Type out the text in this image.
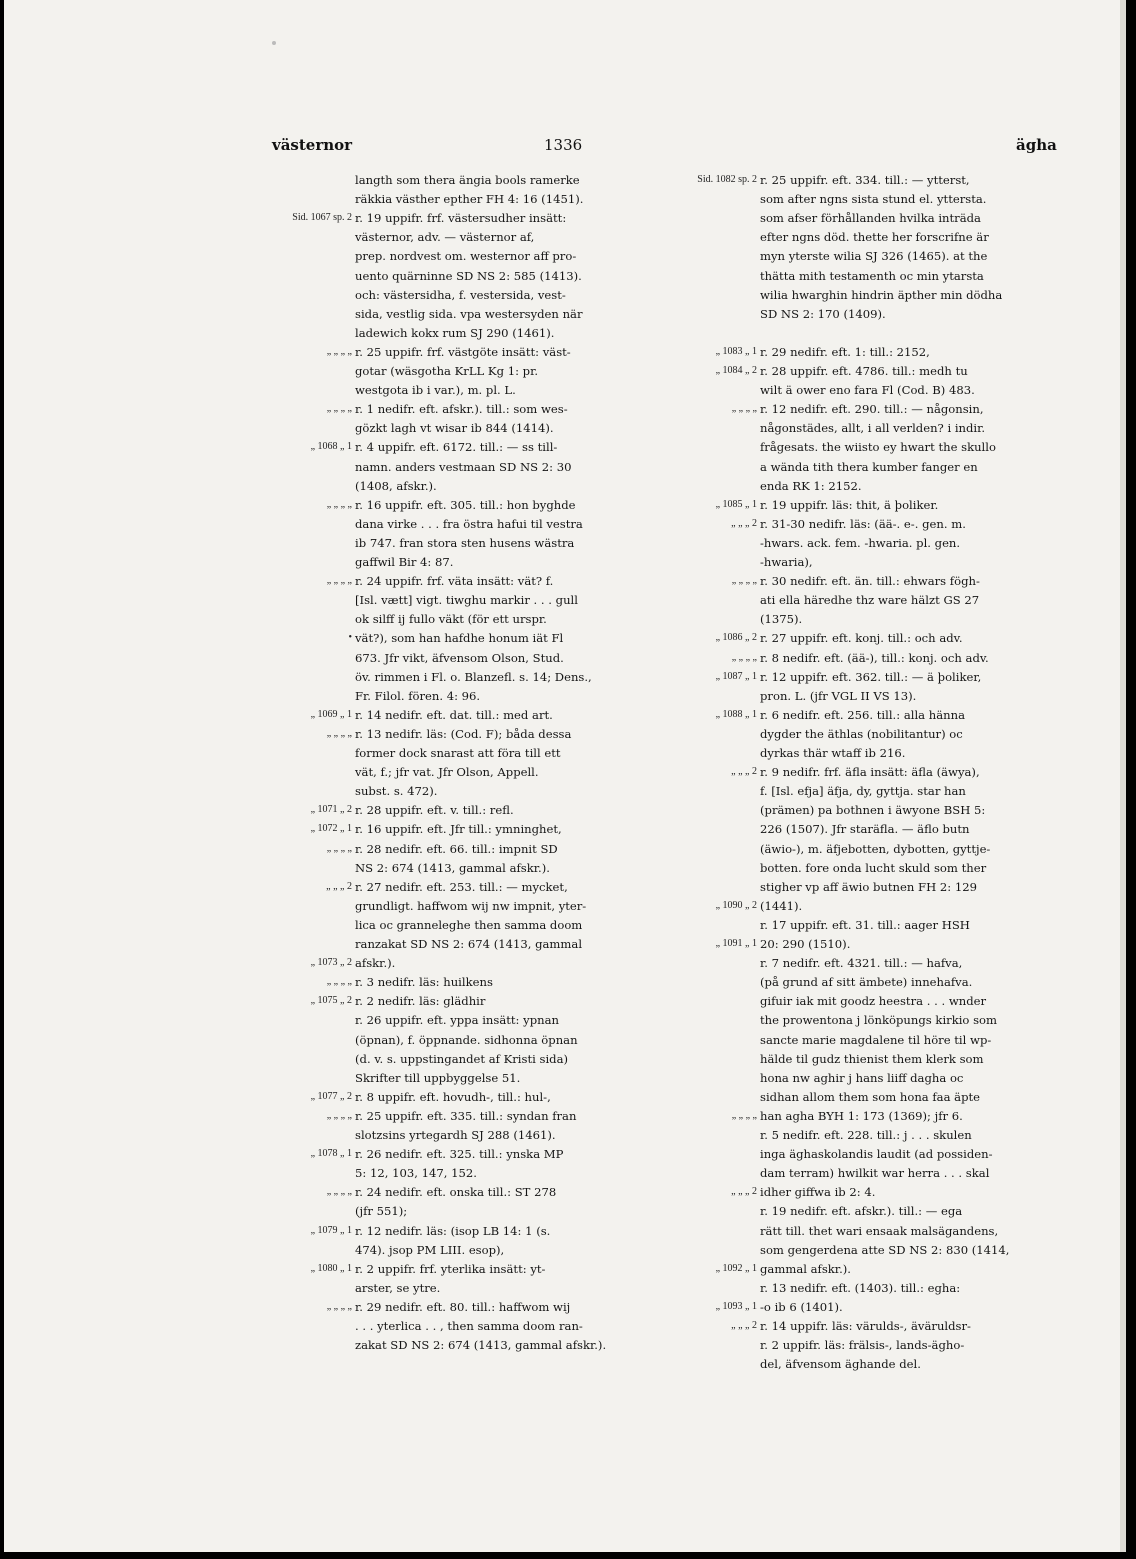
västernor	1336	ägha
langth som thera ängia bools ramerke
räkkia västher epther FH 4: 16 (1451).
r. 19 uppifr. frf. västersudher insätt:
västernor, adv. — västernor af,
prep. nordvest om. westernor aff pro-
uento quärninne SD NS 2: 585 (1413).
och: västersidha, f. vestersida, vest-
sida, vestlig sida. vpa westersyden när
ladewich kokx rum SJ 290 (1461).
r. 25 uppifr. frf. västgöte insätt: väst-
gotar (wäsgotha KrLL Kg 1: pr.
westgota ib i var.), m. pl. L.
r. 1 nedifr. eft. afskr.). till.: som wes-
gözkt lagh vt wisar ib 844 (1414).
r. 4 uppifr. eft. 6172. till.: — ss till-
namn. anders vestmaan SD NS 2: 30
(1408, afskr.).
r. 16 uppifr. eft. 305. till.: hon byghde
dana virke . . . fra östra hafui til vestra
ib 747. fran stora sten husens wästra
gaffwil Bir 4: 87.
r. 24 uppifr. frf. väta insätt: vät? f.
[Isl. vætt] vigt. tiwghu markir . . . gull
ok silff ij fullo väkt (för ett urspr.
vät?), som han hafdhe honum iät Fl
673. Jfr vikt, äfvensom Olson, Stud.
öv. rimmen i Fl. o. Blanzefl. s. 14; Dens.,
Fr. Filol. fören. 4: 96.
r. 14 nedifr. eft. dat. till.: med art.
r. 13 nedifr. läs: (Cod. F); båda dessa
former dock snarast att föra till ett
vät, f.; jfr vat. Jfr Olson, Appell.
subst. s. 472).
r. 28 uppifr. eft. v. till.: refl.
r. 16 uppifr. eft. Jfr till.: ymninghet,
r. 28 nedifr. eft. 66. till.: impnit SD
NS 2: 674 (1413, gammal afskr.).
r. 27 nedifr. eft. 253. till.: — mycket,
grundligt. haffwom wij nw impnit, yter-
lica oc granneleghe then samma doom
ranzakat SD NS 2: 674 (1413, gammal
afskr.).
r. 3 nedifr. läs: huilkens
r. 2 nedifr. läs: glädhir
r. 26 uppifr. eft. yppa insätt: ypnan
(öpnan), f. öppnande. sidhonna öpnan
(d. v. s. uppstingandet af Kristi sida)
Skrifter till uppbyggelse 51.
r. 8 uppifr. eft. hovudh-, till.: hul-,
r. 25 uppifr. eft. 335. till.: syndan fran
slotzsins yrtegardh SJ 288 (1461).
r. 26 nedifr. eft. 325. till.: ynska MP
5: 12, 103, 147, 152.
r. 24 nedifr. eft. onska till.: ST 278
(jfr 551);
r. 12 nedifr. läs: (isop LB 14: 1 (s.
474). jsop PM LIII. esop),
r. 2 uppifr. frf. yterlika insätt: yt-
arster, se ytre.
r. 29 nedifr. eft. 80. till.: haffwom wij
. . . yterlica . . , then samma doom ran-
zakat SD NS 2: 674 (1413, gammal afskr.).
Sid. 1067 sp. 2
„ „ „ „
„ „ „ „
„ 1068 „ 1
„ „ „ „
„ „ „ „
•
„ 1069 „ 1
„ „ „ „
„ 1071 „ 2
„ 1072 „ 1
„ „ „ „
„ „ „ 2
„ 1073 „ 2
„ „ „ „
„ 1075 „ 2
„ 1077 „ 2
„ „ „ „
„ 1078 „ 1
„ „ „ „
„ 1079 „ 1
„ 1080 „ 1
„ „ „ „
r. 25 uppifr. eft. 334. till.: — ytterst,
som after ngns sista stund el. yttersta.
som afser förhållanden hvilka inträda
efter ngns död. thette her forscrifne är
myn yterste wilia SJ 326 (1465). at the
thätta mith testamenth oc min ytarsta
wilia hwarghin hindrin äpther min dödha
SD NS 2: 170 (1409).
r. 29 nedifr. eft. 1: till.: 2152,
r. 28 uppifr. eft. 4786. till.: medh tu
wilt ä ower eno fara Fl (Cod. B) 483.
r. 12 nedifr. eft. 290. till.: — någonsin,
någonstädes, allt, i all verlden? i indir.
frågesats. the wiisto ey hwart the skullo
a wända tith thera kumber fanger en
enda RK 1: 2152.
r. 19 uppifr. läs: thit, ä þoliker.
r. 31-30 nedifr. läs: (ää-. e-. gen. m.
-hwars. ack. fem. -hwaria. pl. gen.
-hwaria),
r. 30 nedifr. eft. än. till.: ehwars fögh-
ati ella häredhe thz ware hälzt GS 27
(1375).
r. 27 uppifr. eft. konj. till.: och adv.
r. 8 nedifr. eft. (ää-), till.: konj. och adv.
r. 12 uppifr. eft. 362. till.: — ä þoliker,
pron. L. (jfr VGL II VS 13).
r. 6 nedifr. eft. 256. till.: alla hänna
dygder the äthlas (nobilitantur) oc
dyrkas thär wtaff ib 216.
r. 9 nedifr. frf. äfla insätt: äfla (äwya),
f. [Isl. efja] äfja, dy, gyttja. star han
(prämen) pa bothnen i äwyone BSH 5:
226 (1507). Jfr staräfla. — äflo butn
(äwio-), m. äfjebotten, dybotten, gyttje-
botten. fore onda lucht skuld som ther
stigher vp aff äwio butnen FH 2: 129
(1441).
r. 17 uppifr. eft. 31. till.: aager HSH
20: 290 (1510).
r. 7 nedifr. eft. 4321. till.: — hafva,
(på grund af sitt ämbete) innehafva.
gifuir iak mit goodz heestra . . . wnder
the prowentona j lönköpungs kirkio som
sancte marie magdalene til höre til wp-
hälde til gudz thienist them klerk som
hona nw aghir j hans liiff dagha oc
sidhan allom them som hona faa äpte
han agha BYH 1: 173 (1369); jfr 6.
r. 5 nedifr. eft. 228. till.: j . . . skulen
inga äghaskolandis laudit (ad possiden-
dam terram) hwilkit war herra . . . skal
idher giffwa ib 2: 4.
r. 19 nedifr. eft. afskr.). till.: — ega
rätt till. thet wari ensaak malsägandens,
som gengerdena atte SD NS 2: 830 (1414,
gammal afskr.).
r. 13 nedifr. eft. (1403). till.: egha:
-o ib 6 (1401).
r. 14 uppifr. läs: värulds-, äväruldsr-
r. 2 uppifr. läs: frälsis-, lands-ägho-
del, äfvensom äghande del.
Sid. 1082 sp. 2
„ 1083 „ 1
„ 1084 „ 2
„ „ „ „
„ 1085 „ 1
„ „ „ 2
„ „ „ „
„ 1086 „ 2
„ „ „ „
„ 1087 „ 1
„ 1088 „ 1
„ „ „ 2
„ 1090 „ 2
„ 1091 „ 1
„ „ „ „
„ „ „ 2
„ 1092 „ 1
„ 1093 „ 1
„ „ „ 2
